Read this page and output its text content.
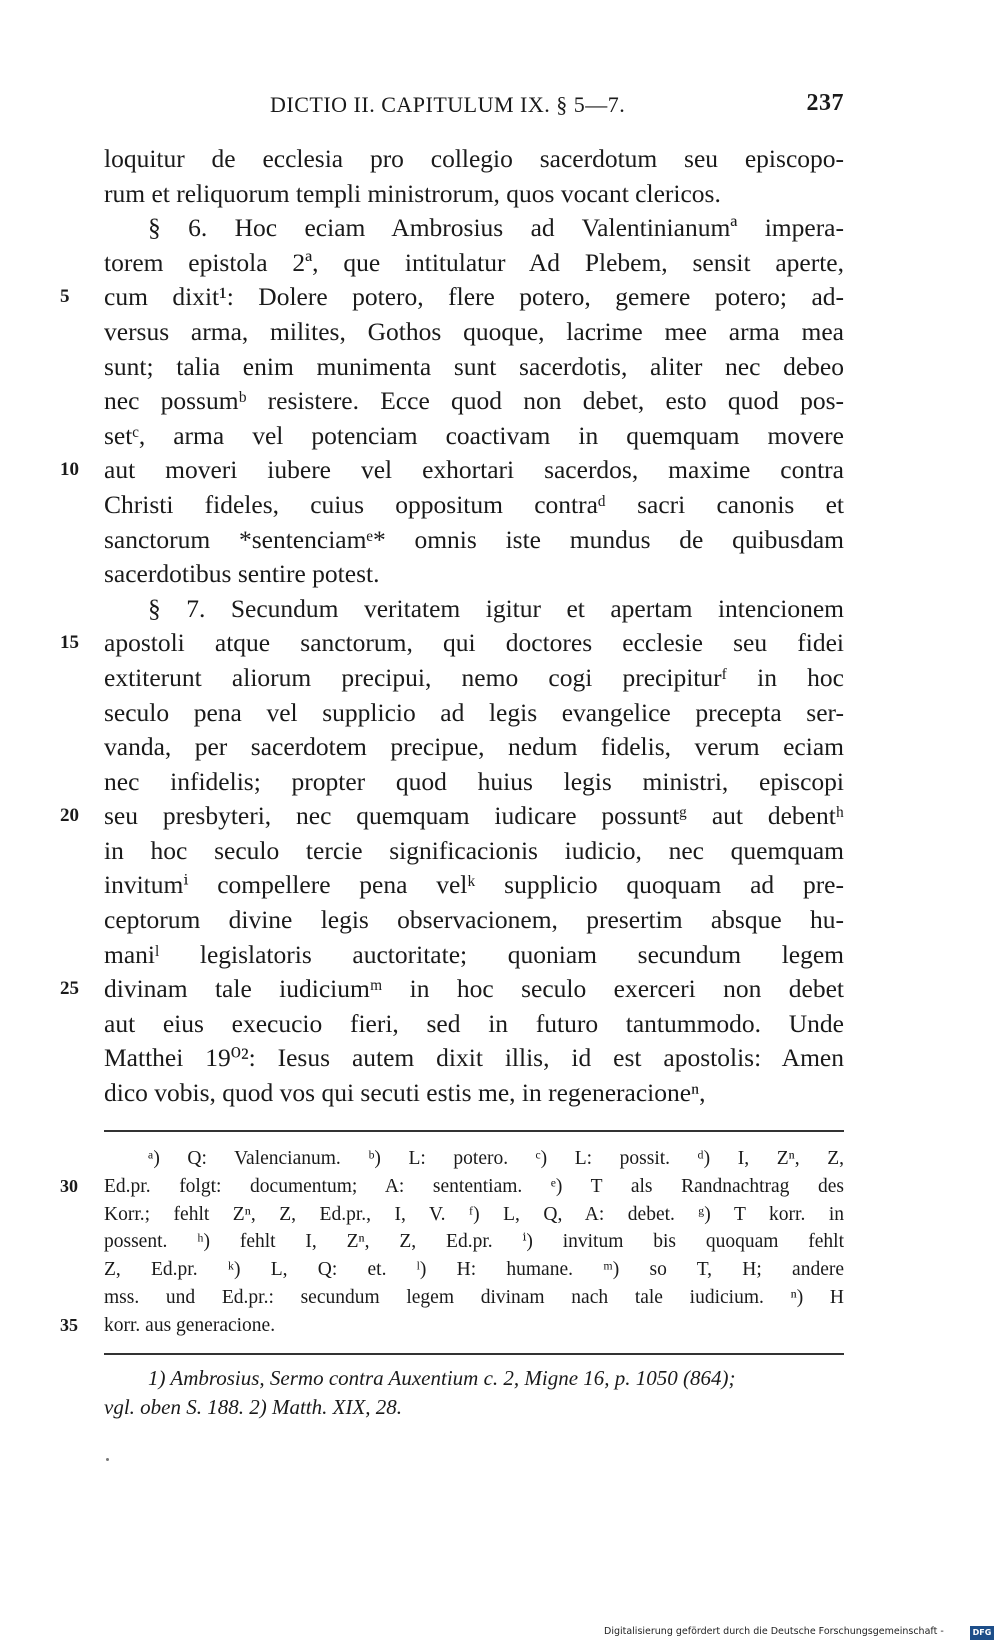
DICTIO II. CAPITULUM IX. § 5—7.	237
loquitur de ecclesia pro collegio sacerdotum seu episcopo-
rum et reliquorum templi ministrorum, quos vocant clericos.
§ 6. Hoc eciam Ambrosius ad Valentinianumª impera-
torem epistola 2ª, que intitulatur Ad Plebem, sensit aperte,
5	cum dixit¹: Dolere potero, flere potero, gemere potero; ad-
versus arma, milites, Gothos quoque, lacrime mee arma mea
sunt; talia enim munimenta sunt sacerdotis, aliter nec debeo
nec possumᵇ resistere. Ecce quod non debet, esto quod pos-
setᶜ, arma vel potenciam coactivam in quemquam movere
10 aut moveri iubere vel exhortari sacerdos, maxime contra
Christi fideles, cuius oppositum contraᵈ sacri canonis et
sanctorum *sentenciamᵉ* omnis iste mundus de quibusdam
sacerdotibus sentire potest.
§ 7. Secundum veritatem igitur et apertam intencionem
15 apostoli atque sanctorum, qui doctores ecclesie seu fidei
extiterunt aliorum precipui, nemo cogi precipiturᶠ in hoc
seculo pena vel supplicio ad legis evangelice precepta ser-
vanda, per sacerdotem precipue, nedum fidelis, verum eciam
nec infidelis; propter quod huius legis ministri, episcopi
20 seu presbyteri, nec quemquam iudicare possuntᵍ aut debentʰ
in hoc seculo tercie significacionis iudicio, nec quemquam
invitumⁱ compellere pena velᵏ supplicio quoquam ad pre-
ceptorum divine legis observacionem, presertim absque hu-
maniˡ legislatoris auctoritate; quoniam secundum legem
25 divinam tale iudiciumᵐ in hoc seculo exerceri non debet
aut eius execucio fieri, sed in futuro tantummodo. Unde
Matthei 19⁰²: Iesus autem dixit illis, id est apostolis: Amen
dico vobis, quod vos qui secuti estis me, in regeneracioneⁿ,
ᵃ) Q: Valencianum. ᵇ) L: potero. ᶜ) L: possit. ᵈ) I, Zⁿ, Z,
30	Ed.pr. folgt: documentum; A: sententiam. ᵉ) T als Randnachtrag des
Korr.; fehlt Zⁿ, Z, Ed.pr., I, V. ᶠ) L, Q, A: debet. ᵍ) T korr. in
possent. ʰ) fehlt I, Zⁿ, Z, Ed.pr. ⁱ) invitum bis quoquam fehlt
Z, Ed.pr. ᵏ) L, Q: et. ˡ) H: humane. ᵐ) so T, H; andere
mss. und Ed.pr.: secundum legem divinam nach tale iudicium. ⁿ) H
35	korr. aus generacione.
1) Ambrosius, Sermo contra Auxentium c. 2, Migne 16, p. 1050 (864);
vgl. oben S. 188. 2) Matth. XIX, 28.
Digitalisierung gefördert durch die Deutsche Forschungsgemeinschaft -	DFG
